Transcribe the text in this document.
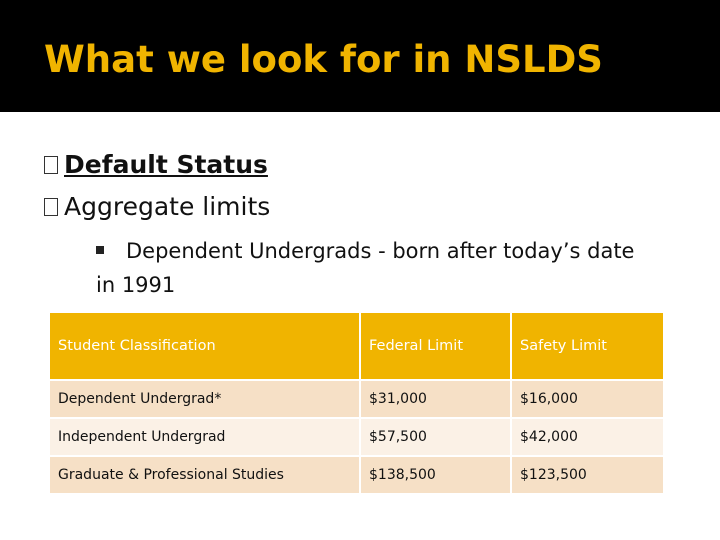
What we look for in NSLDS
Default Status
Aggregate limits
Dependent Undergrads - born after today’s date
in 1991
Student Classification	Federal Limit	Safety Limit
Dependent Undergrad*	$31,000	$16,000
Independent Undergrad	$57,500	$42,000
Graduate & Professional Studies	$138,500	$123,500
